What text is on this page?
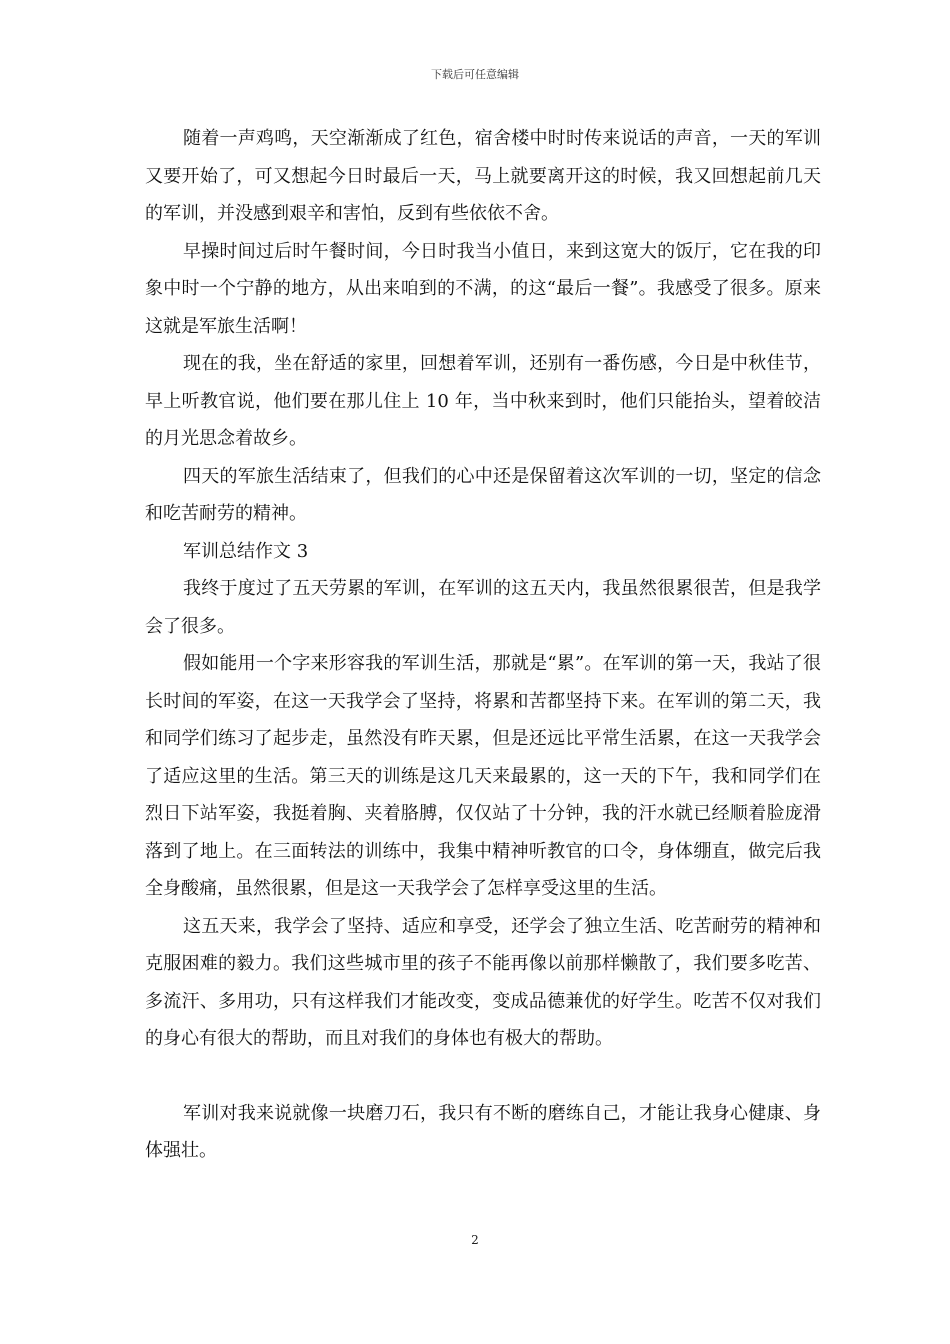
下载后可任意编辑

随着一声鸡鸣，天空渐渐成了红色，宿舍楼中时时传来说话的声音，一天的军训又要开始了，可又想起今日时最后一天，马上就要离开这的时候，我又回想起前几天的军训，并没感到艰辛和害怕，反到有些依依不舍。

早操时间过后时午餐时间，今日时我当小值日，来到这宽大的饭厅，它在我的印象中时一个宁静的地方，从出来咱到的不满，的这“最后一餐”。我感受了很多。原来这就是军旅生活啊！

现在的我，坐在舒适的家里，回想着军训，还别有一番伤感，今日是中秋佳节，早上听教官说，他们要在那儿住上 10 年，当中秋来到时，他们只能抬头，望着皎洁的月光思念着故乡。

四天的军旅生活结束了，但我们的心中还是保留着这次军训的一切，坚定的信念和吃苦耐劳的精神。

军训总结作文 3

我终于度过了五天劳累的军训，在军训的这五天内，我虽然很累很苦，但是我学会了很多。

假如能用一个字来形容我的军训生活，那就是“累”。在军训的第一天，我站了很长时间的军姿，在这一天我学会了坚持，将累和苦都坚持下来。在军训的第二天，我和同学们练习了起步走，虽然没有昨天累，但是还远比平常生活累，在这一天我学会了适应这里的生活。第三天的训练是这几天来最累的，这一天的下午，我和同学们在烈日下站军姿，我挺着胸、夹着胳膊，仅仅站了十分钟，我的汗水就已经顺着脸庞滑落到了地上。在三面转法的训练中，我集中精神听教官的口令，身体绷直，做完后我全身酸痛，虽然很累，但是这一天我学会了怎样享受这里的生活。

这五天来，我学会了坚持、适应和享受，还学会了独立生活、吃苦耐劳的精神和克服困难的毅力。我们这些城市里的孩子不能再像以前那样懒散了，我们要多吃苦、多流汗、多用功，只有这样我们才能改变，变成品德兼优的好学生。吃苦不仅对我们的身心有很大的帮助，而且对我们的身体也有极大的帮助。

军训对我来说就像一块磨刀石，我只有不断的磨练自己，才能让我身心健康、身体强壮。

2
